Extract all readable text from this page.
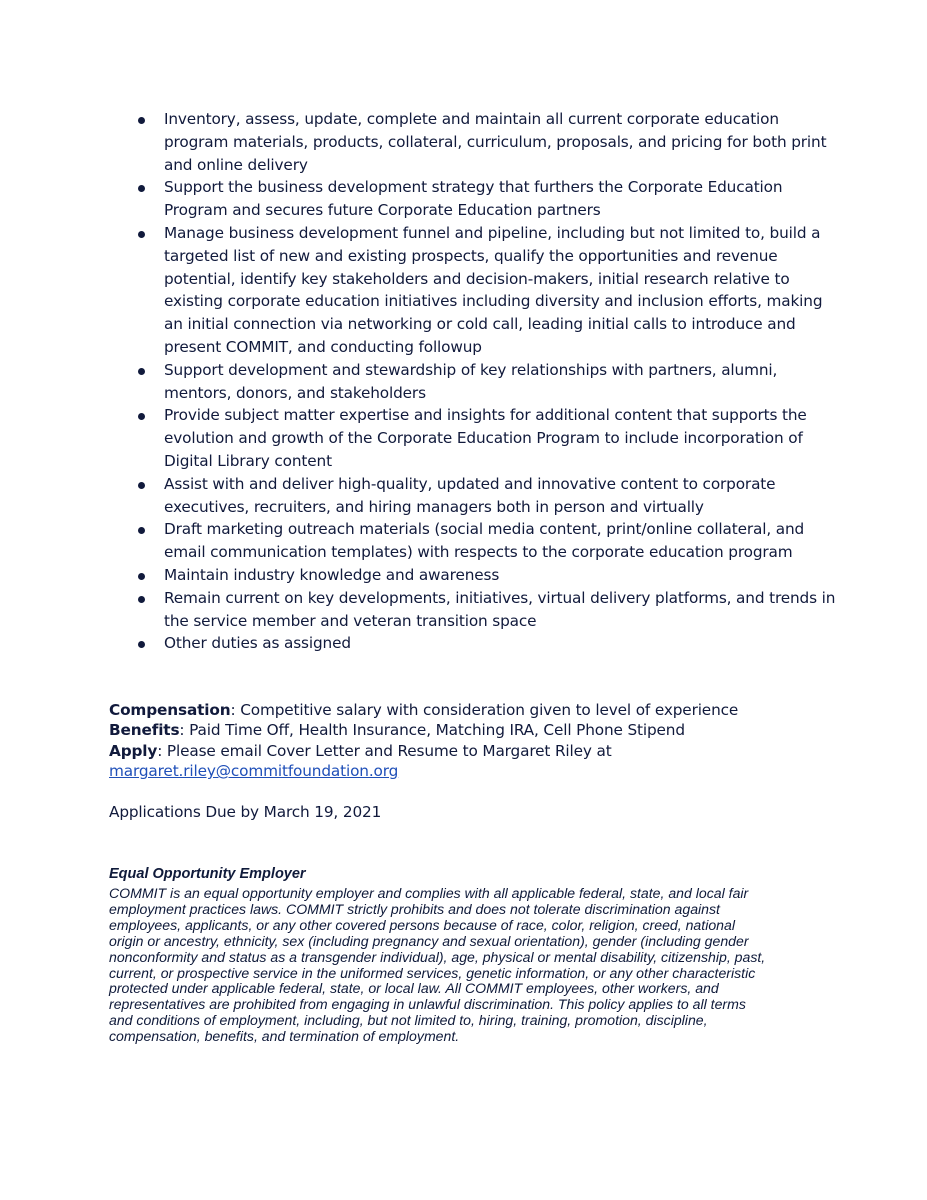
Inventory, assess, update, complete and maintain all current corporate education program materials, products, collateral, curriculum, proposals, and pricing for both print and online delivery
Support the business development strategy that furthers the Corporate Education Program and secures future Corporate Education partners
Manage business development funnel and pipeline, including but not limited to, build a targeted list of new and existing prospects, qualify the opportunities and revenue potential, identify key stakeholders and decision-makers, initial research relative to existing corporate education initiatives including diversity and inclusion efforts, making an initial connection via networking or cold call, leading initial calls to introduce and present COMMIT, and conducting followup
Support development and stewardship of key relationships with partners, alumni, mentors, donors, and stakeholders
Provide subject matter expertise and insights for additional content that supports the evolution and growth of the Corporate Education Program to include incorporation of Digital Library content
Assist with and deliver high-quality, updated and innovative content to corporate executives, recruiters, and hiring managers both in person and virtually
Draft marketing outreach materials (social media content, print/online collateral, and email communication templates) with respects to the corporate education program
Maintain industry knowledge and awareness
Remain current on key developments, initiatives, virtual delivery platforms, and trends in the service member and veteran transition space
Other duties as assigned
Compensation: Competitive salary with consideration given to level of experience
Benefits: Paid Time Off, Health Insurance, Matching IRA, Cell Phone Stipend
Apply: Please email Cover Letter and Resume to Margaret Riley at
margaret.riley@commitfoundation.org
Applications Due by March 19, 2021
Equal Opportunity Employer
COMMIT is an equal opportunity employer and complies with all applicable federal, state, and local fair
employment practices laws. COMMIT strictly prohibits and does not tolerate discrimination against
employees, applicants, or any other covered persons because of race, color, religion, creed, national
origin or ancestry, ethnicity, sex (including pregnancy and sexual orientation), gender (including gender
nonconformity and status as a transgender individual), age, physical or mental disability, citizenship, past,
current, or prospective service in the uniformed services, genetic information, or any other characteristic
protected under applicable federal, state, or local law. All COMMIT employees, other workers, and
representatives are prohibited from engaging in unlawful discrimination. This policy applies to all terms
and conditions of employment, including, but not limited to, hiring, training, promotion, discipline,
compensation, benefits, and termination of employment.
